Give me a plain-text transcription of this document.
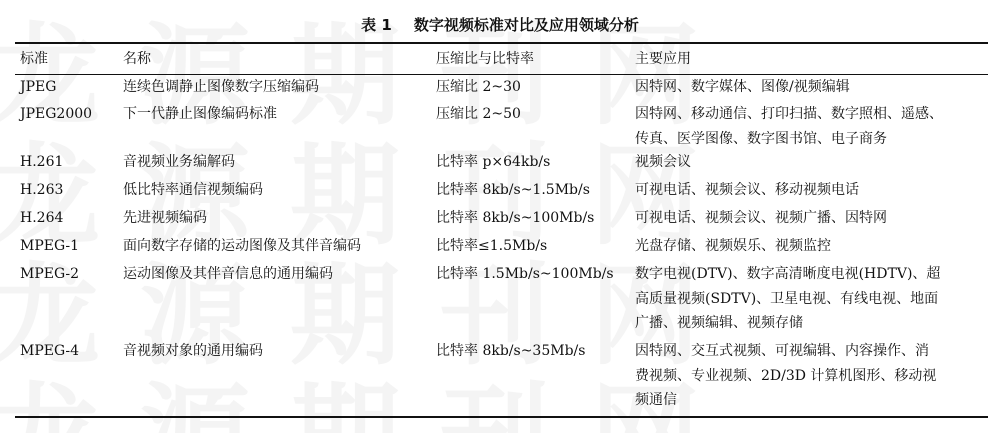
表 1 数字视频标准对比及应用领域分析
标准	名称	压缩比与比特率	主要应用
JPEG	连续色调静止图像数字压缩编码	压缩比 2~30	因特网、数字媒体、图像/视频编辑
JPEG2000 下一代静止图像编码标准	压缩比 2~50	因特网、移动通信、打印扫描、数字照相、遥感、
传真、医学图像、数字图书馆、电子商务
H.261	音视频业务编解码	比特率 p×64kb/s	视频会议
H.263	低比特率通信视频编码	比特率 8kb/s~1.5Mb/s	可视电话、视频会议、移动视频电话
H.264	先进视频编码	比特率 8kb/s~100Mb/s	可视电话、视频会议、视频广播、因特网
MPEG-1	面向数字存储的运动图像及其伴音编码	比特率≤1.5Mb/s	光盘存储、视频娱乐、视频监控
MPEG-2	运动图像及其伴音信息的通用编码	比特率 1.5Mb/s~100Mb/s 数字电视(DTV)、数字高清晰度电视(HDTV)、超
高质量视频(SDTV)、卫星电视、有线电视、地面
广播、视频编辑、视频存储
MPEG-4	音视频对象的通用编码	比特率 8kb/s~35Mb/s	因特网、交互式视频、可视编辑、内容操作、消
费视频、专业视频、2D/3D 计算机图形、移动视
频通信
